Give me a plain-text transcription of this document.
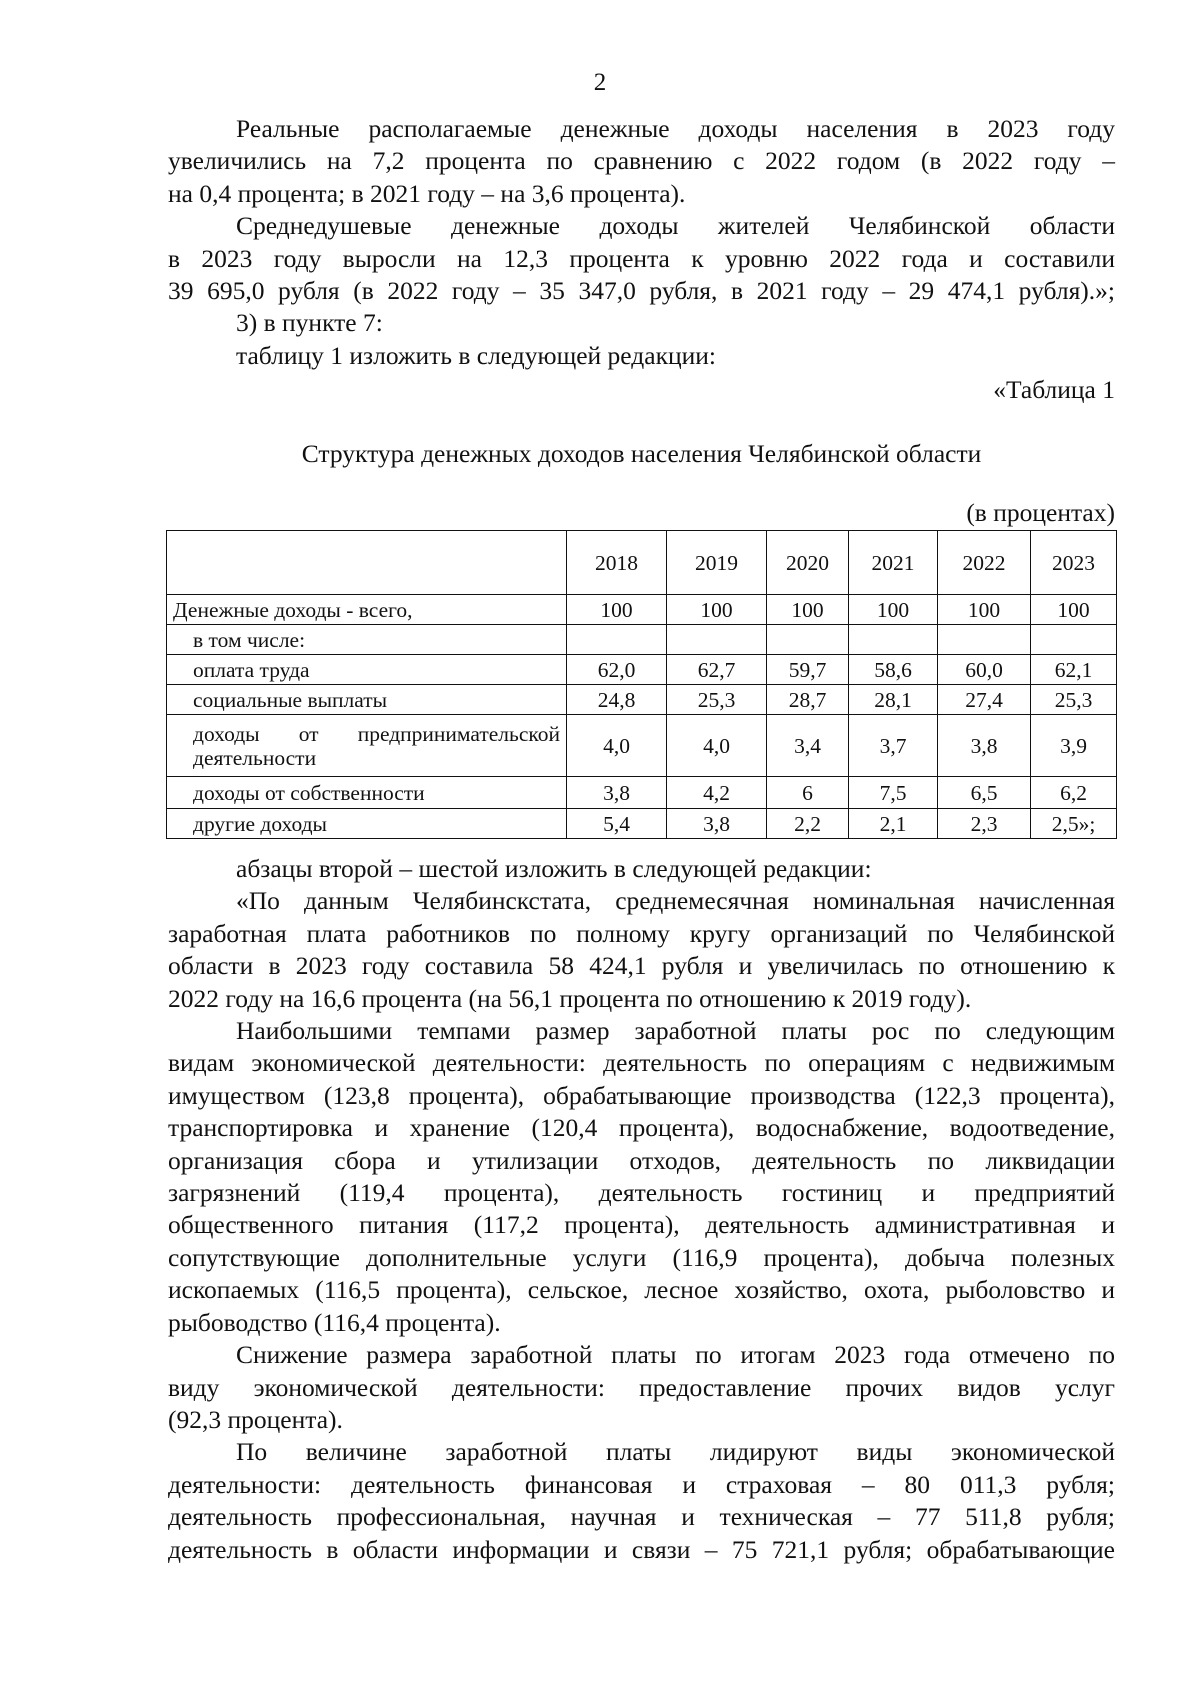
2

Реальные располагаемые денежные доходы населения в 2023 году

увеличились на 7,2 процента по сравнению с 2022 годом (в 2022 году –

на 0,4 процента; в 2021 году – на 3,6 процента).

Среднедушевые денежные доходы жителей Челябинской области

в 2023 году выросли на 12,3 процента к уровню 2022 года и составили

39 695,0 рубля (в 2022 году – 35 347,0 рубля, в 2021 году – 29 474,1 рубля).»;

3) в пункте 7:

таблицу 1 изложить в следующей редакции:

«Таблица 1
Структура денежных доходов населения Челябинской области
(в процентах)
	2018	2019	2020	2021	2022	2023
Денежные доходы - всего,	100	100	100	100	100	100
в том числе:						
оплата труда	62,0	62,7	59,7	58,6	60,0	62,1
социальные выплаты	24,8	25,3	28,7	28,1	27,4	25,3

доходы от предпринимательской
деятельности	4,0	4,0	3,4	3,7	3,8	3,9
доходы от собственности	3,8	4,2	6	7,5	6,5	6,2
другие доходы	5,4	3,8	2,2	2,1	2,3	2,5»;

абзацы второй – шестой изложить в следующей редакции:

«По данным Челябинскстата, среднемесячная номинальная начисленная

заработная плата работников по полному кругу организаций по Челябинской

области в 2023 году составила 58 424,1 рубля и увеличилась по отношению к

2022 году на 16,6 процента (на 56,1 процента по отношению к 2019 году).

Наибольшими темпами размер заработной платы рос по следующим

видам экономической деятельности: деятельность по операциям с недвижимым

имуществом (123,8 процента), обрабатывающие производства (122,3 процента),

транспортировка и хранение (120,4 процента), водоснабжение, водоотведение,

организация сбора и утилизации отходов, деятельность по ликвидации

загрязнений (119,4 процента), деятельность гостиниц и предприятий

общественного питания (117,2 процента), деятельность административная и

сопутствующие дополнительные услуги (116,9 процента), добыча полезных

ископаемых (116,5 процента), сельское, лесное хозяйство, охота, рыболовство и

рыбоводство (116,4 процента).

Снижение размера заработной платы по итогам 2023 года отмечено по

виду экономической деятельности: предоставление прочих видов услуг

(92,3 процента).

По величине заработной платы лидируют виды экономической

деятельности: деятельность финансовая и страховая – 80 011,3 рубля;

деятельность профессиональная, научная и техническая – 77 511,8 рубля;

деятельность в области информации и связи – 75 721,1 рубля; обрабатывающие
